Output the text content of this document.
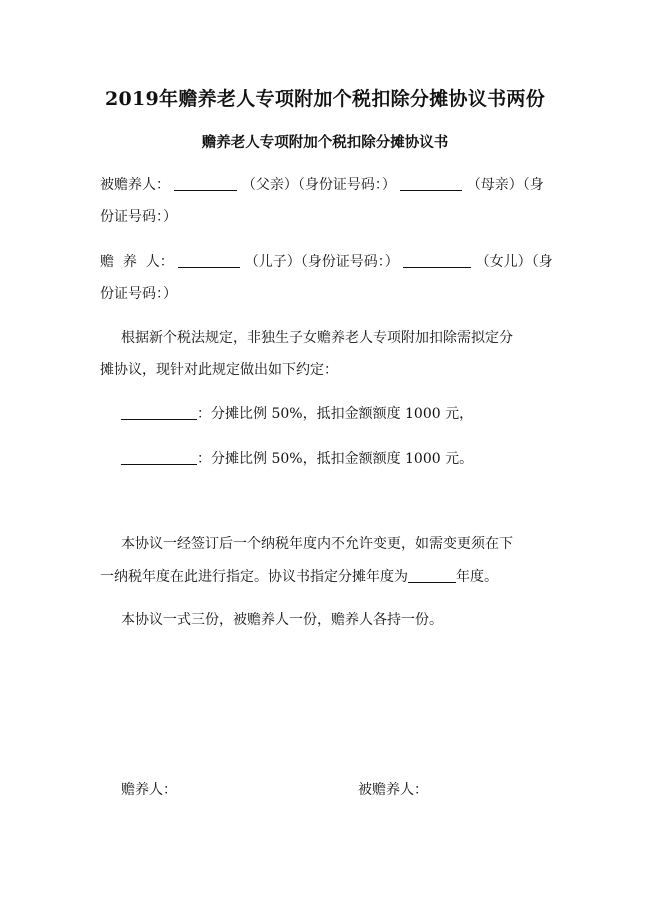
2019年赡养老人专项附加个税扣除分摊协议书两份
赡养老人专项附加个税扣除分摊协议书
被赡养人：	（父亲）（身份证号码：）	（母亲）（身
份证号码：）
赡  养  人：	（儿子）（身份证号码：）	（女儿）（身
份证号码：）
根据新个税法规定，非独生子女赡养老人专项附加扣除需拟定分
摊协议，现针对此规定做出如下约定：
：分摊比例 50%，抵扣金额额度 1000 元，
：分摊比例 50%，抵扣金额额度 1000 元。
本协议一经签订后一个纳税年度内不允许变更，如需变更须在下
一纳税年度在此进行指定。协议书指定分摊年度为	年度。
本协议一式三份，被赡养人一份，赡养人各持一份。
赡养人：	被赡养人：
